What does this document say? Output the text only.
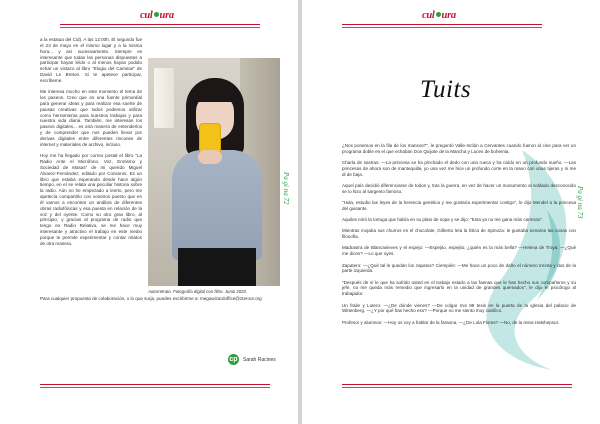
cul ura

a la estatua del Cid). A las 12:00h. El segundo fue el 23 de mayo en el mismo lugar y a la misma hora... y así sucesivamente. Siempre es interesante que todas las personas dispuestas a participar hayan leído o al menos hayan podido echar un vistazo al libro "Elogio del Caminar" de David Le Breton. Si te apetece participar, escríbeme.

Me interesa mucho en este momento el tema de los paseos. Creo que es una fuente primordial para generar ideas y para realizar esa suerte de pausas creativas que todos podemos utilizar como herramienta para nuestros trabajos y para nuestra vida diaria. También, me interesan los paseos digitales... es otra manera de entenderlos y de comprender que nos pueden llevar por derivas digitales entre diferentes rincones de internet y materiales de archivo, incluso.

Hoy me ha llegado por correo postal el libro "La Radio Ante el Micrófono. Voz, Erotismo y Sociedad de Masas" de mi querido Miguel Álvarez-Fernández, editado por Consonni. Es un libro que estaba esperando desde hace algún tiempo, en el se relata una peculiar historia sobre la radio. Aún no he empezado a leerlo, pero me apetecía compartirlo con vosotros puesto que en él vamos a encontrar un análisis de diferentes obras radiofónicas y esa puesta en relación de la voz y del oyente. Como su otro gran libro, al principio, y gracias al programa de radio que tengo en Radio Relativa, se me hace muy interesante y atractivo el trabajo en este medio porque te permite experimentar y contar relatos de otra manera.

Para cualquier propuesta de colaboración, o lo que surja, puedes escribirme a: megawizardoffice@zteroot.org

Autorretrato. Fotografía digital con filtro. Junio 2020.
Pa gi na 72
cp Sarah Racines
cul ura
Tuits

¿Nos ponemos en la fila de los mansos?", le preguntó Valle-Inclán a Cervantes cuando fueron al cine para ver un programa doble en el que echaban Don Quijote de la Mancha y Luces de bohemia.

Charla de sastras: —La princesa se ha pinchado el dedo con una rueca y ha caído en un profundo sueño. —Las princesas de ahora son de mantequilla, yo una vez me hice un profundo corte en la mano con unas tijeras y ni me di de baja.

Aquel país decidió diferenciarse de todos y, tras la guerra, en vez de hacer un monumento al soldado desconocido se lo hizo al sargento famoso.

"Hola, estudio las leyes de la herencia genética y me gustaría experimentar contigo", le dijo Mendel a la princesa del guisante.

Aquiles miró la tortuga que había en su plato de sopa y se dijo: "Esta ya no me gana más carreras".

Mientras mojaba sus churros en el chocolate, Gilberto leía la Ética de Spinoza: le gustaba tomarse las cosas con filosofía.

Madrastra de Blancanieves y el espejo: —Espejito, espejito, ¿quién es la más bella? —Helena de Troya. —¿Qué me dices? —Lo que oyes.

Zapatero: —¿Qué tal le quedan los zapatos? Ciempiés: —Me hace un poco de daño el número treinta y dos de la parte izquierda.

"Después de sí le que ha sufrido usted en el trabajo estado a las faenas que le han hecho sus compañeros y su jefe, no me queda más remedio que ingresarlo en la unidad de grandes quemados", le dijo el psicólogo al trabajador.

Un fraile y Lutero: —¿De dónde vienes? —De colgar mis 99 tesis en la puerta de la iglesia del palacio de Wittenberg. —¿Y por qué has hecho eso? —Porque no me siento muy católico.

Profesor y alumnos: —Hoy os voy a hablar de la faraona. —¿De Lola Flores? —No, de la reina Hatshepsut.

Pa gi na 73
